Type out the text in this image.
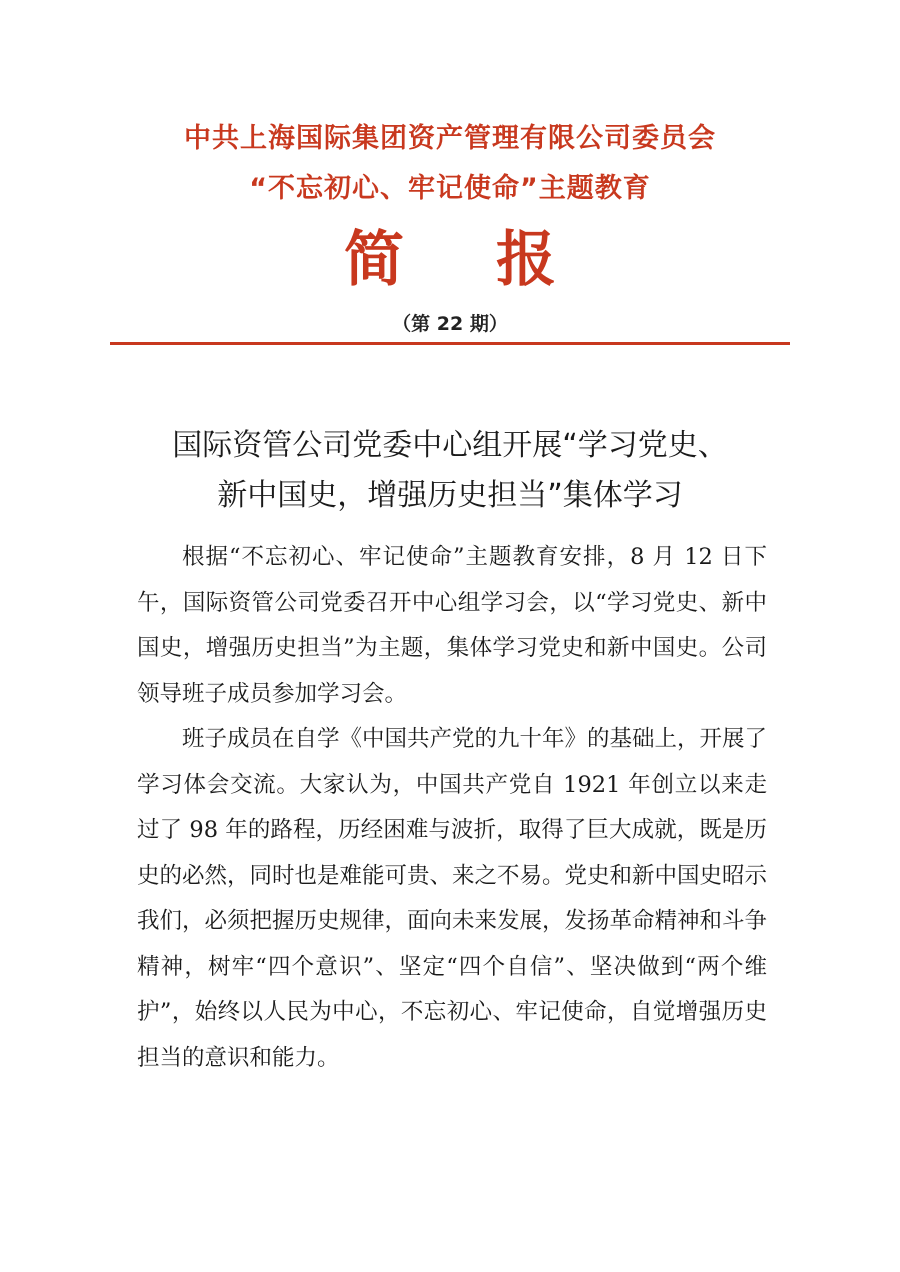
中共上海国际集团资产管理有限公司委员会
“不忘初心、牢记使命”主题教育
简报
（第 22 期）
国际资管公司党委中心组开展“学习党史、
新中国史，增强历史担当”集体学习

根据“不忘初心、牢记使命”主题教育安排，8 月 12 日下午，国际资管公司党委召开中心组学习会，以“学习党史、新中国史，增强历史担当”为主题，集体学习党史和新中国史。公司领导班子成员参加学习会。

班子成员在自学《中国共产党的九十年》的基础上，开展了学习体会交流。大家认为，中国共产党自 1921 年创立以来走过了 98 年的路程，历经困难与波折，取得了巨大成就，既是历史的必然，同时也是难能可贵、来之不易。党史和新中国史昭示我们，必须把握历史规律，面向未来发展，发扬革命精神和斗争精神，树牢“四个意识”、坚定“四个自信”、坚决做到“两个维护”，始终以人民为中心，不忘初心、牢记使命，自觉增强历史担当的意识和能力。
